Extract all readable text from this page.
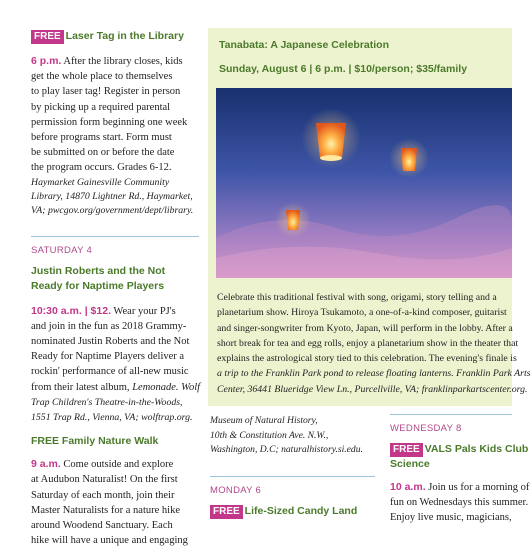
FREE Laser Tag in the Library

6 p.m. After the library closes, kids
get the whole place to themselves
to play laser tag! Register in person
by picking up a required parental
permission form beginning one week
before programs start. Form must
be submitted on or before the date
the program occurs. Grades 6-12.

Haymarket Gainesville Community
Library, 14870 Lightner Rd., Haymarket,
VA; pwcgov.org/government/dept/library.

SATURDAY 4
Justin Roberts and the Not
Ready for Naptime Players

10:30 a.m. | $12. Wear your PJ's
and join in the fun as 2018 Grammy-
nominated Justin Roberts and the Not
Ready for Naptime Players deliver a
rockin' performance of all-new music
from their latest album, Lemonade. Wolf

Trap Children's Theatre-in-the-Woods,
1551 Trap Rd., Vienna, VA; wolftrap.org.

FREE Family Nature Walk

9 a.m. Come outside and explore
at Audubon Naturalist! On the first
Saturday of each month, join their
Master Naturalists for a nature hike
around Woodend Sanctuary. Each
hike will have a unique and engaging

Tanabata: A Japanese Celebration
Sunday, August 6 | 6 p.m. | $10/person; $35/family

Celebrate this traditional festival with song, origami, story telling and a
planetarium show. Hiroya Tsukamoto, a one-of-a-kind composer, guitarist
and singer-songwriter from Kyoto, Japan, will perform in the lobby. After a
short break for tea and egg rolls, enjoy a planetarium show in the theater that
explains the astrological story tied to this celebration. The evening's finale is
a trip to the Franklin Park pond to release floating lanterns. Franklin Park Arts
Center, 36441 Blueridge View Ln., Purcellville, VA; franklinparkartscenter.org.

Museum of Natural History,
10th & Constitution Ave. N.W.,
Washington, D.C; naturalhistory.si.edu.

MONDAY 6
FREE Life-Sized Candy Land
WEDNESDAY 8
FREE VALS Pals Kids Club
Science

10 a.m. Join us for a morning of
fun on Wednesdays this summer.
Enjoy live music, magicians,
